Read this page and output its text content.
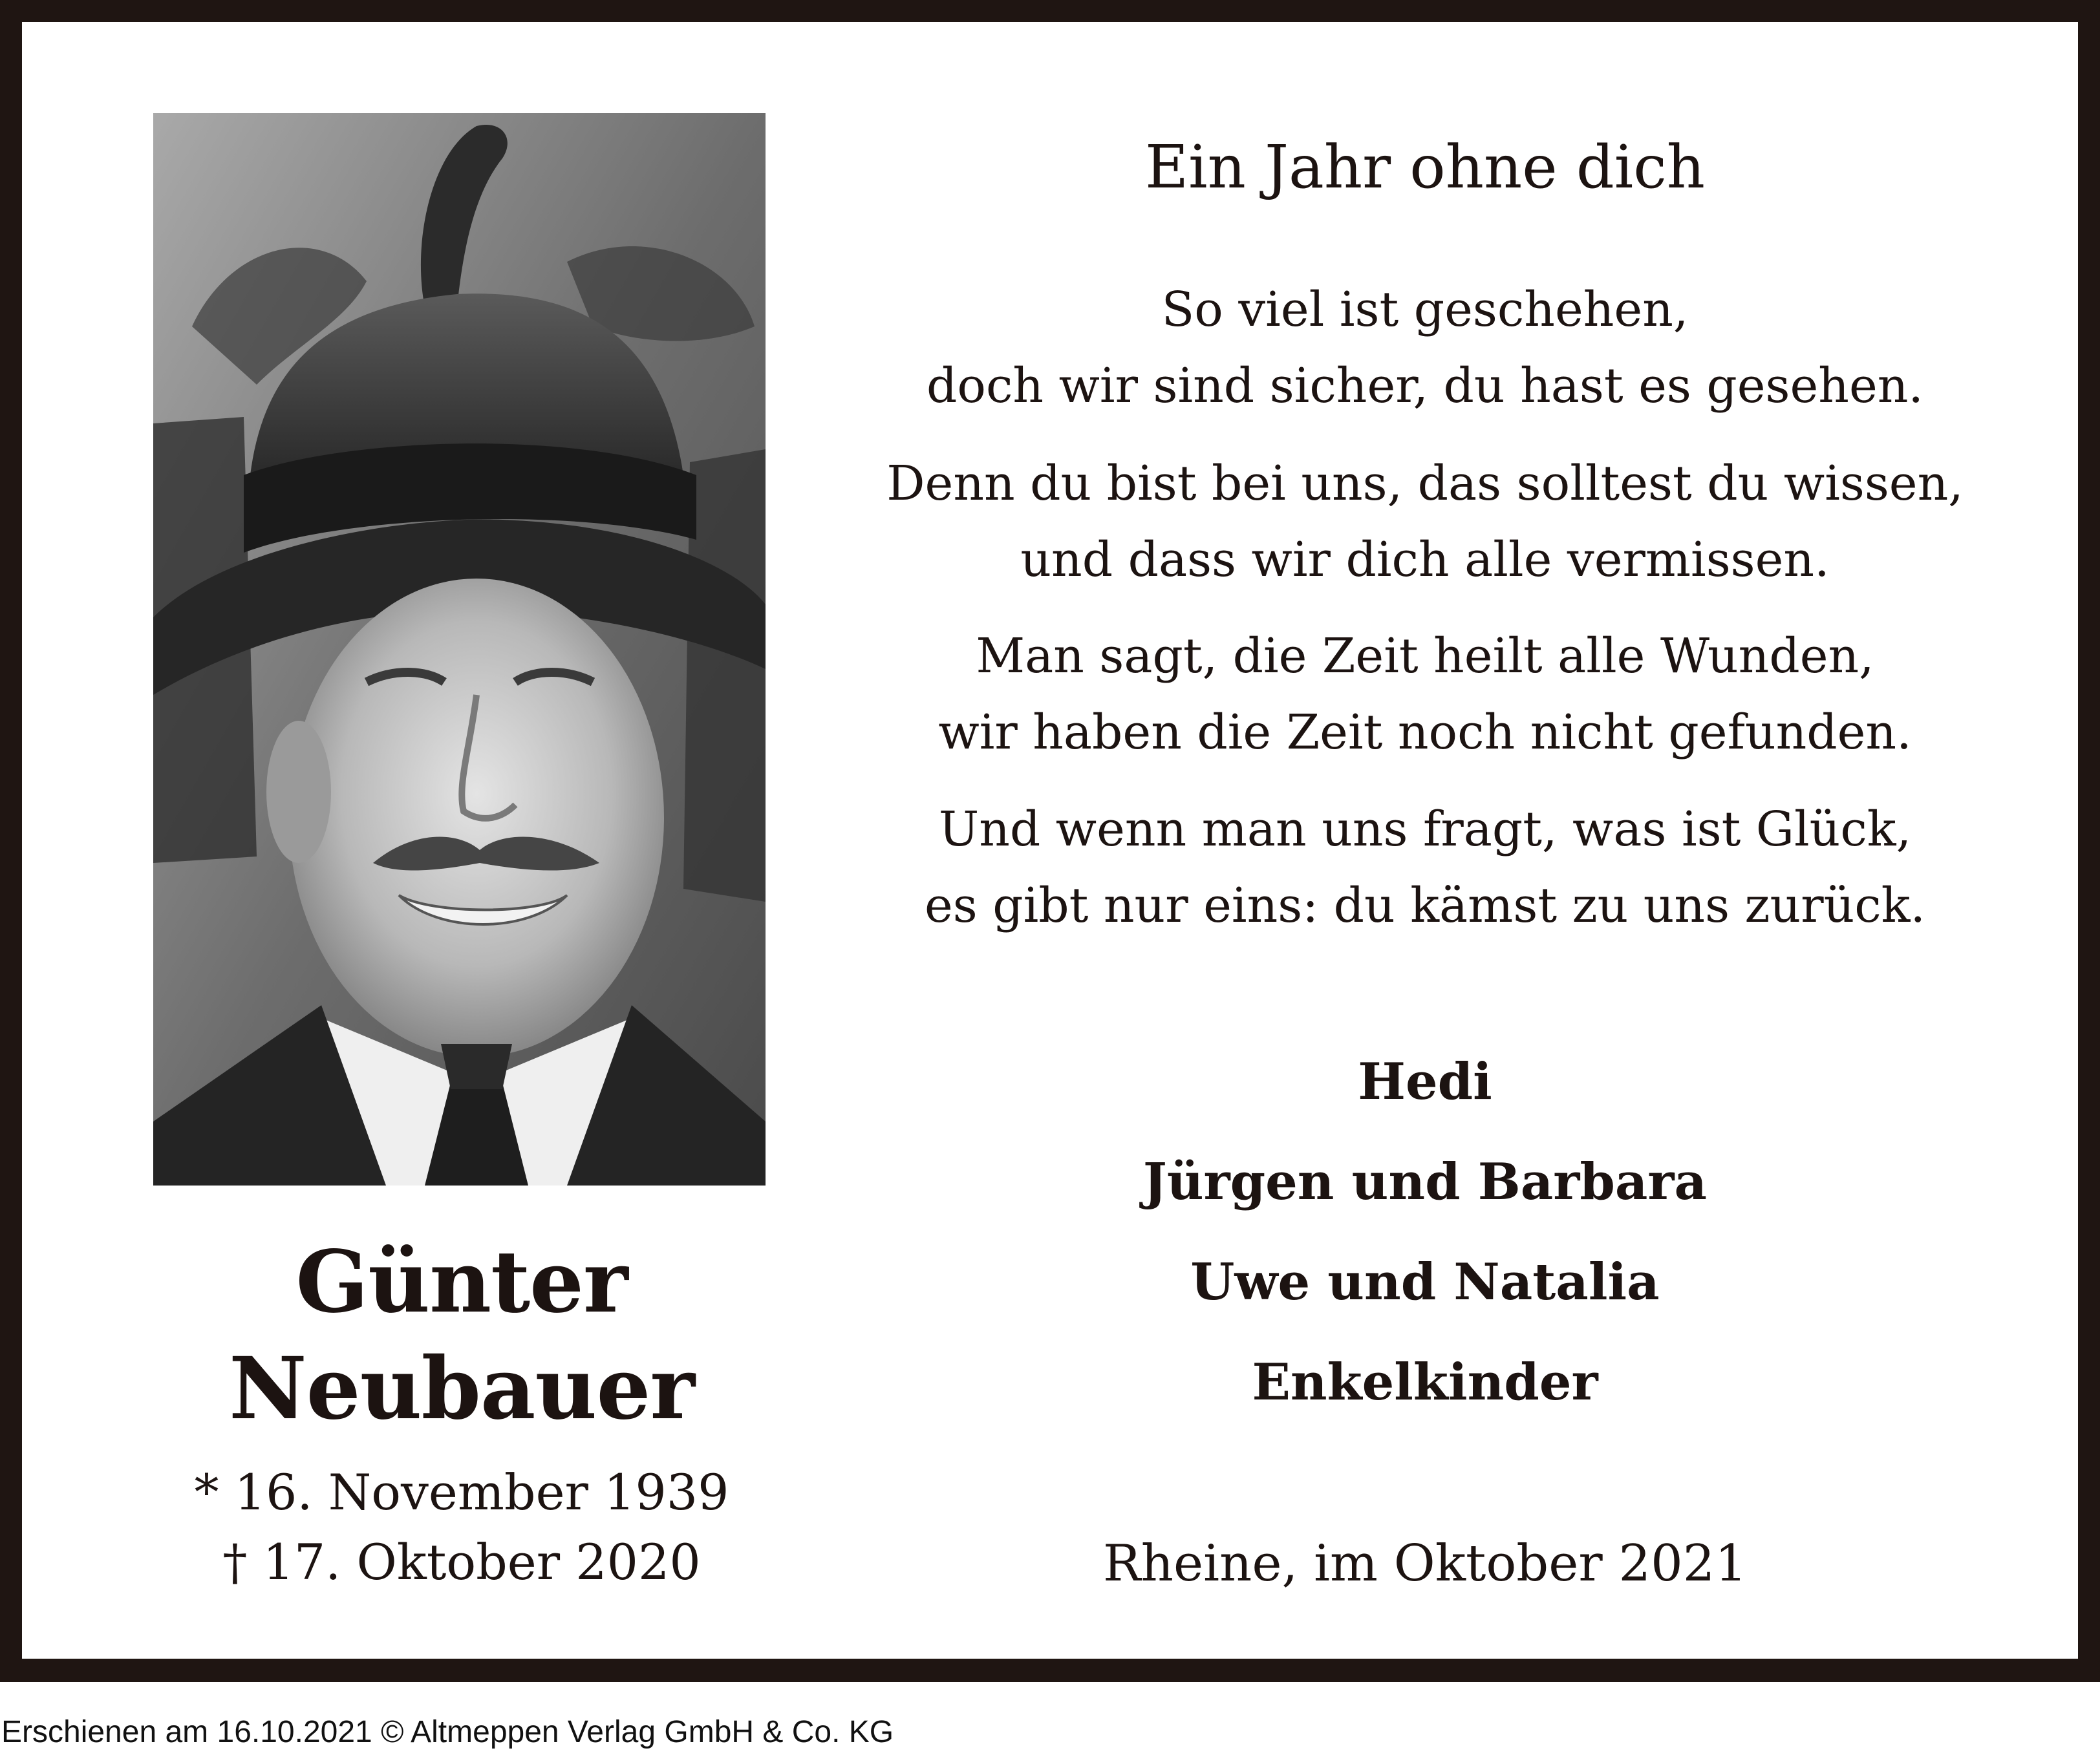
Günter
Neubauer
* 16. November 1939
† 17. Oktober 2020
Ein Jahr ohne dich
So viel ist geschehen,
doch wir sind sicher, du hast es gesehen.
Denn du bist bei uns, das solltest du wissen,
und dass wir dich alle vermissen.
Man sagt, die Zeit heilt alle Wunden,
wir haben die Zeit noch nicht gefunden.
Und wenn man uns fragt, was ist Glück,
es gibt nur eins: du kämst zu uns zurück.
Hedi
Jürgen und Barbara
Uwe und Natalia
Enkelkinder
Rheine, im Oktober 2021
Erschienen am 16.10.2021 © Altmeppen Verlag GmbH & Co. KG
